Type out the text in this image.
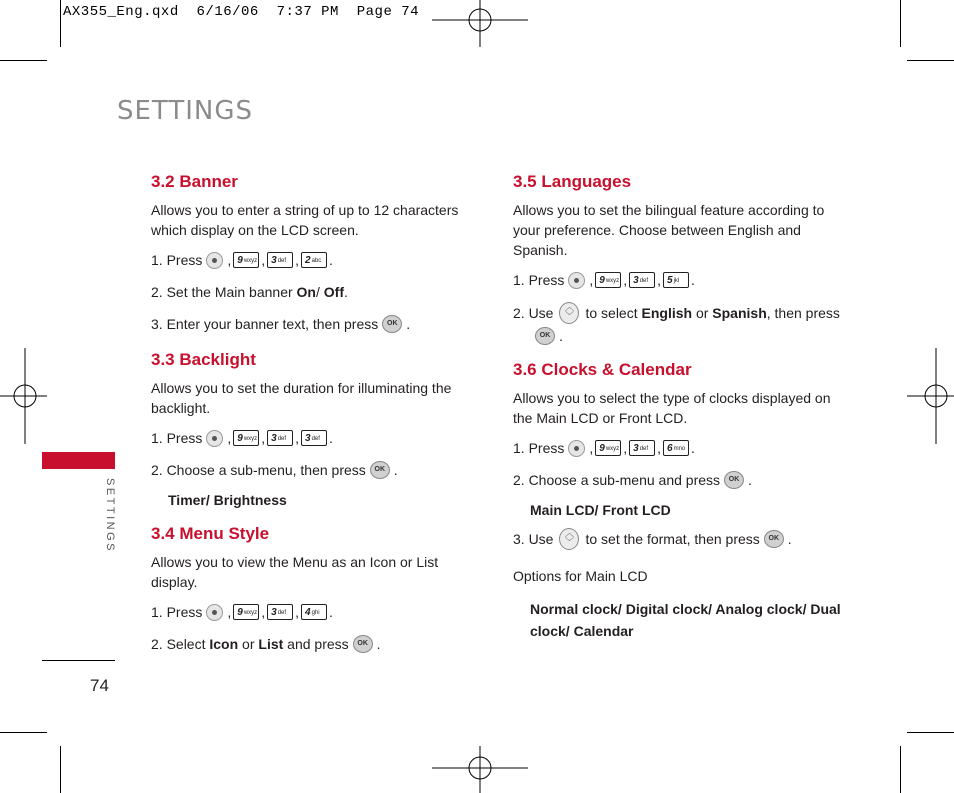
AX355_Eng.qxd  6/16/06  7:37 PM  Page 74
SETTINGS
SETTINGS
74
3.2 Banner

Allows you to enter a string of up to 12 characters

which display on the LCD screen.

1. Press , $9^{wxyz}$ , $3^{def}$ , $2^{abc}$ .
2. Set the Main banner
On /
Off .
3. Enter your banner text, then press	OK .
3.3 Backlight

Allows you to set the duration for illuminating the

backlight.

1. Press , $9^{wxyz}$ , $3^{def}$ , $3^{def}$ .
2. Choose a sub-menu, then press	OK .

Timer/ Brightness

3.4 Menu Style

Allows you to view the Menu as an Icon or List

display.

1. Press , $9^{wxyz}$ , $3^{def}$ , $4^{ghi}$ .
2. Select
Icon
or
List
and press	OK .
3.5 Languages

Allows you to set the bilingual feature according to

your preference. Choose between English and

Spanish.

1. Press , $9^{wxyz}$ , $3^{def}$ , $5^{jkl}$ .
2. Use	︿
﹀ to select
English
or
Spanish , then press
OK .
3.6 Clocks & Calendar

Allows you to select the type of clocks displayed on

the Main LCD or Front LCD.

1. Press , $9^{wxyz}$ , $3^{def}$ , $6^{mno}$ .
2. Choose a sub-menu and press	OK .

Main LCD/ Front LCD

3. Use	︿
﹀ to set the format, then press	OK .

Options for Main LCD

Normal clock/ Digital clock/ Analog clock/ Dual

clock/ Calendar
